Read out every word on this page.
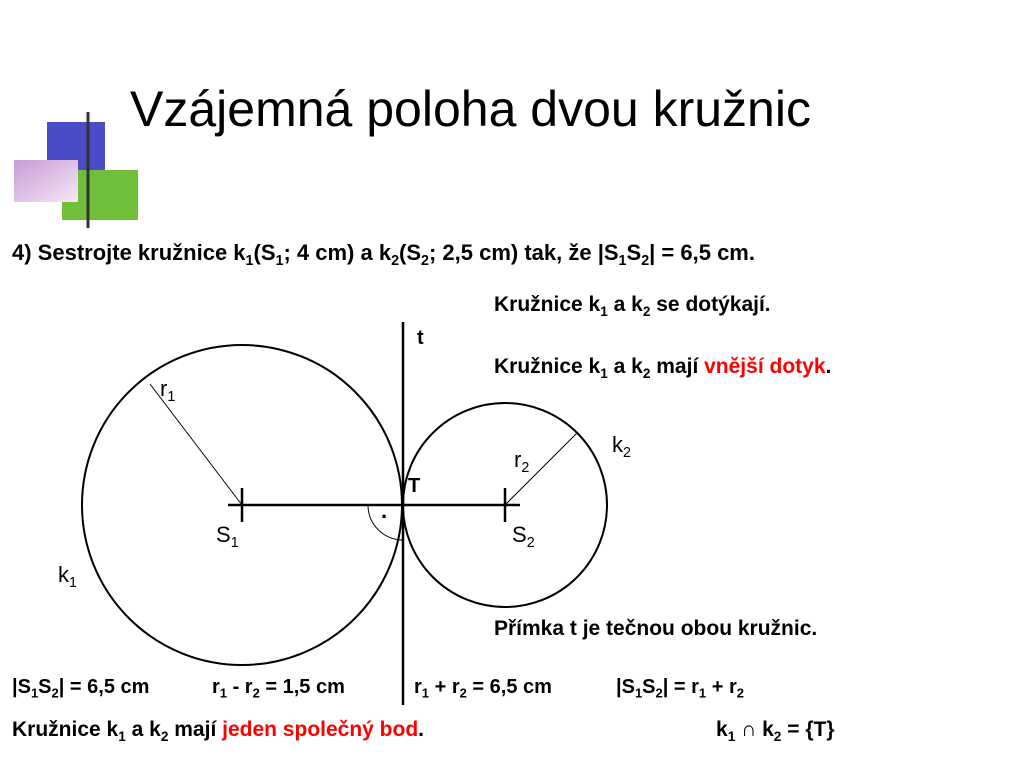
Vzájemná poloha dvou kružnic
4) Sestrojte kružnice $k_1(S_1$; 4 cm) a $k_2(S_2$; 2,5 cm) tak, že $|S_1S_2| = 6,5$ cm.
Kružnice $k_1$ a $k_2$ se dotýkají.
Kružnice $k_1$ a $k_2$ mají vnější dotyk.
Přímka t je tečnou obou kružnic.
t
T
.
$r_1$
$r_2$
$k_2$
$k_1$
$S_1$	$S_2$
$|S_1S_2| = 6,5$ cm	$r_1 - r_2 = 1,5$ cm	$r_1 + r_2 = 6,5$ cm	$|S_1S_2| = r_1 + r_2$
Kružnice $k_1$ a $k_2$ mají jeden společný bod.	$k_1$ ∩ $k_2 = \{T\}$
